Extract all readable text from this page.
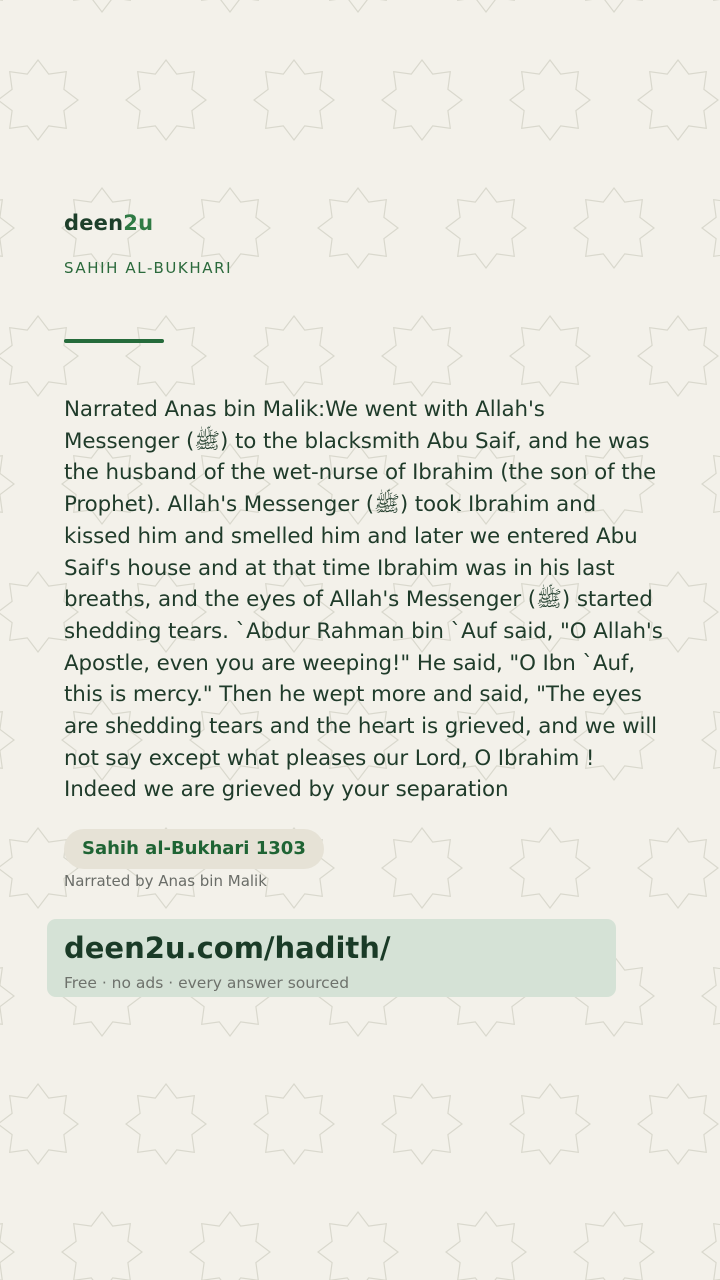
deen2u
SAHIH AL-BUKHARI
Narrated Anas bin Malik:We went with Allah's Messenger (ﷺ) to the blacksmith Abu Saif, and he was the husband of the wet-nurse of Ibrahim (the son of the Prophet). Allah's Messenger (ﷺ) took Ibrahim and kissed him and smelled him and later we entered Abu Saif's house and at that time Ibrahim was in his last breaths, and the eyes of Allah's Messenger (ﷺ) started shedding tears. `Abdur Rahman bin `Auf said, "O Allah's Apostle, even you are weeping!" He said, "O Ibn `Auf, this is mercy." Then he wept more and said, "The eyes are shedding tears and the heart is grieved, and we will not say except what pleases our Lord, O Ibrahim ! Indeed we are grieved by your separation
Sahih al-Bukhari 1303
Narrated by Anas bin Malik
deen2u.com/hadith/
Free · no ads · every answer sourced
